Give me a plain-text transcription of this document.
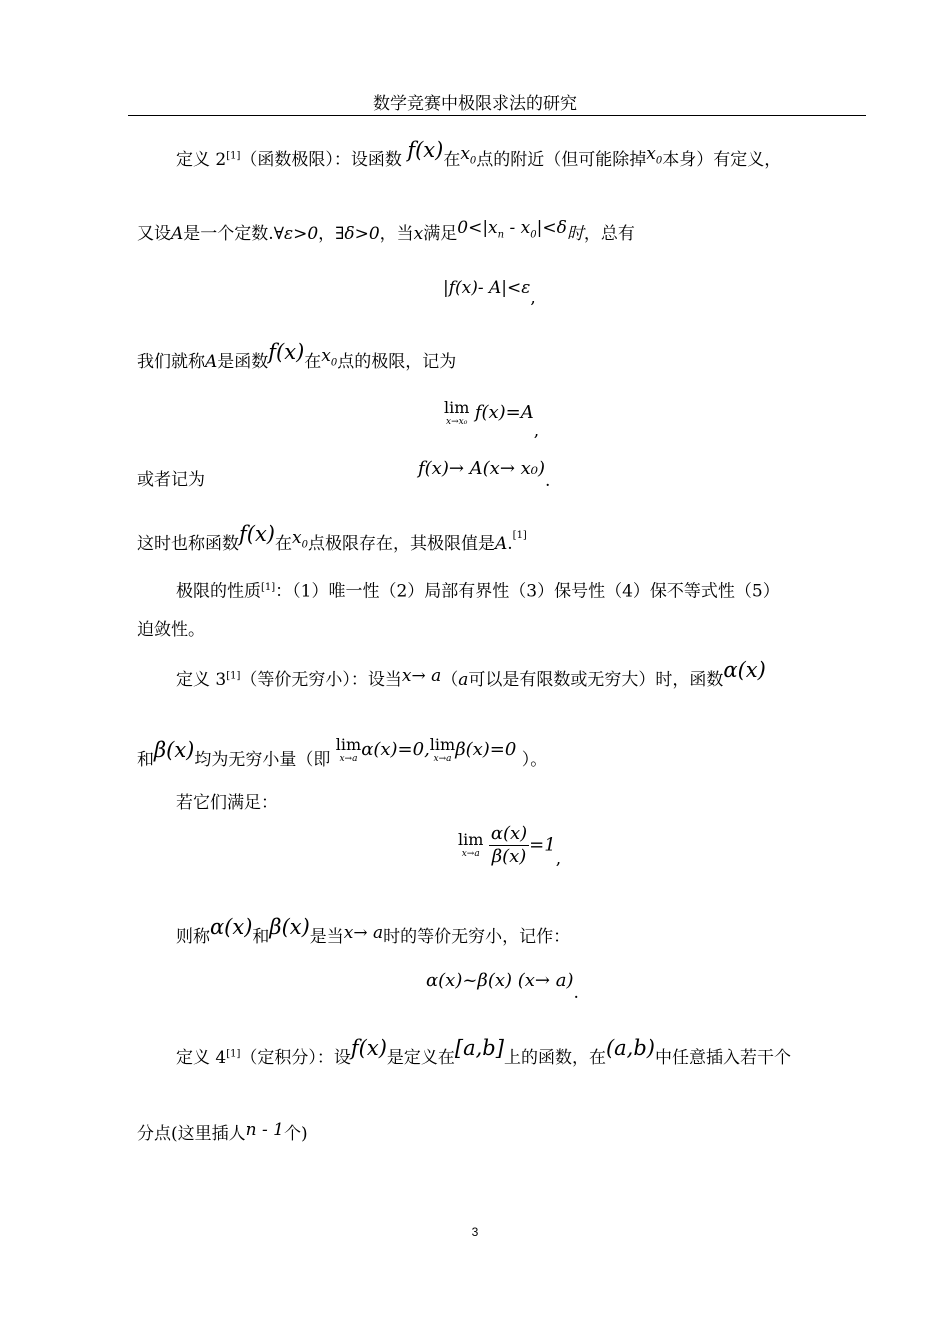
数学竞赛中极限求法的研究
定义 2[1]（函数极限）：设函数 f(x)在$x_0$点的附近（但可能除掉$x_0$本身）有定义，
又设A是一个定数.∀ε>0，∃δ>0，当x满足$0<|x_n - x_0|<\delta$时，总有
|f(x)- A|<ε,
我们就称A是函数f(x)在$x_0$点的极限，记为
lim
x→x₀ f(x)=A,
或者记为
f(x)→ A(x→ x₀).
这时也称函数f(x)在$x_0$点极限存在，其极限值是A.[1]
极限的性质[1]：（1）唯一性（2）局部有界性（3）保号性（4）保不等式性（5）
迫敛性。
定义 3[1]（等价无穷小）：设当x→ a（a可以是有限数或无穷大）时，函数α(x)
和β(x)均为无穷小量（即
lim
x→a α(x)=0, lim
x→a β(x)=0 ）。
若它们满足：
lim
x→a
$\frac{\alpha(x)}{\beta(x)} =1$,
则称α(x)和β(x)是当x→ a时的等价无穷小，记作：
α(x)~β(x) (x→ a).
定义 4[1]（定积分）：设f(x)是定义在[a,b]上的函数，在(a,b)中任意插入若干个
分点(这里插人n - 1个)
3
